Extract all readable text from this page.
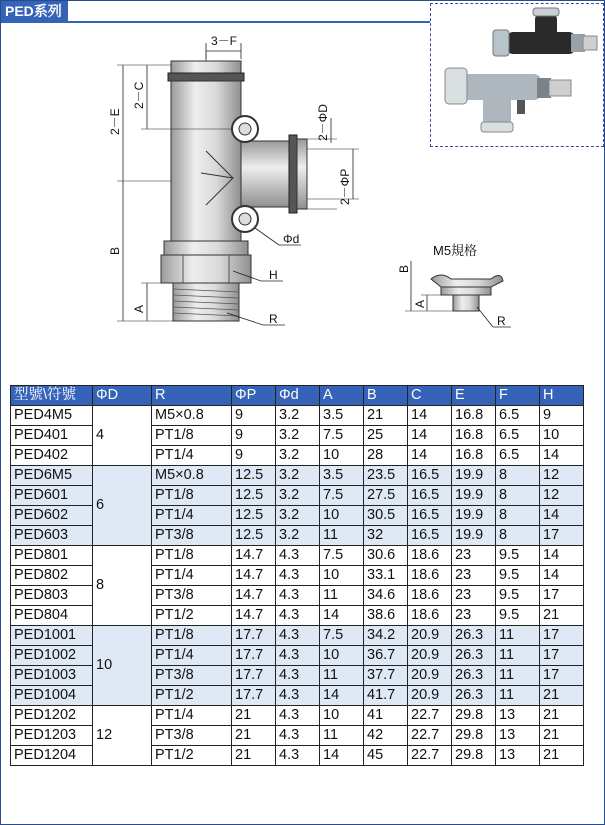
PED系列
3－F
2－E
2－C
B
A
2－ΦD
2－ΦP
Φd
H
R
M5規格
B
A
R
型號\符號	ΦD	R	ΦP	Φd	A	B	C	E	F	H
PED4M5	4	M5×0.8	9	3.2	3.5	21	14	16.8	6.5	9
PED401		PT1/8	9	3.2	7.5	25	14	16.8	6.5	10
PED402		PT1/4	9	3.2	10	28	14	16.8	6.5	14
PED6M5	6	M5×0.8	12.5	3.2	3.5	23.5	16.5	19.9	8	12
PED601		PT1/8	12.5	3.2	7.5	27.5	16.5	19.9	8	12
PED602		PT1/4	12.5	3.2	10	30.5	16.5	19.9	8	14
PED603		PT3/8	12.5	3.2	11	32	16.5	19.9	8	17
PED801	8	PT1/8	14.7	4.3	7.5	30.6	18.6	23	9.5	14
PED802		PT1/4	14.7	4.3	10	33.1	18.6	23	9.5	14
PED803		PT3/8	14.7	4.3	11	34.6	18.6	23	9.5	17
PED804		PT1/2	14.7	4.3	14	38.6	18.6	23	9.5	21
PED1001	10	PT1/8	17.7	4.3	7.5	34.2	20.9	26.3	11	17
PED1002		PT1/4	17.7	4.3	10	36.7	20.9	26.3	11	17
PED1003		PT3/8	17.7	4.3	11	37.7	20.9	26.3	11	17
PED1004		PT1/2	17.7	4.3	14	41.7	20.9	26.3	11	21
PED1202	12	PT1/4	21	4.3	10	41	22.7	29.8	13	21
PED1203		PT3/8	21	4.3	11	42	22.7	29.8	13	21
PED1204		PT1/2	21	4.3	14	45	22.7	29.8	13	21
